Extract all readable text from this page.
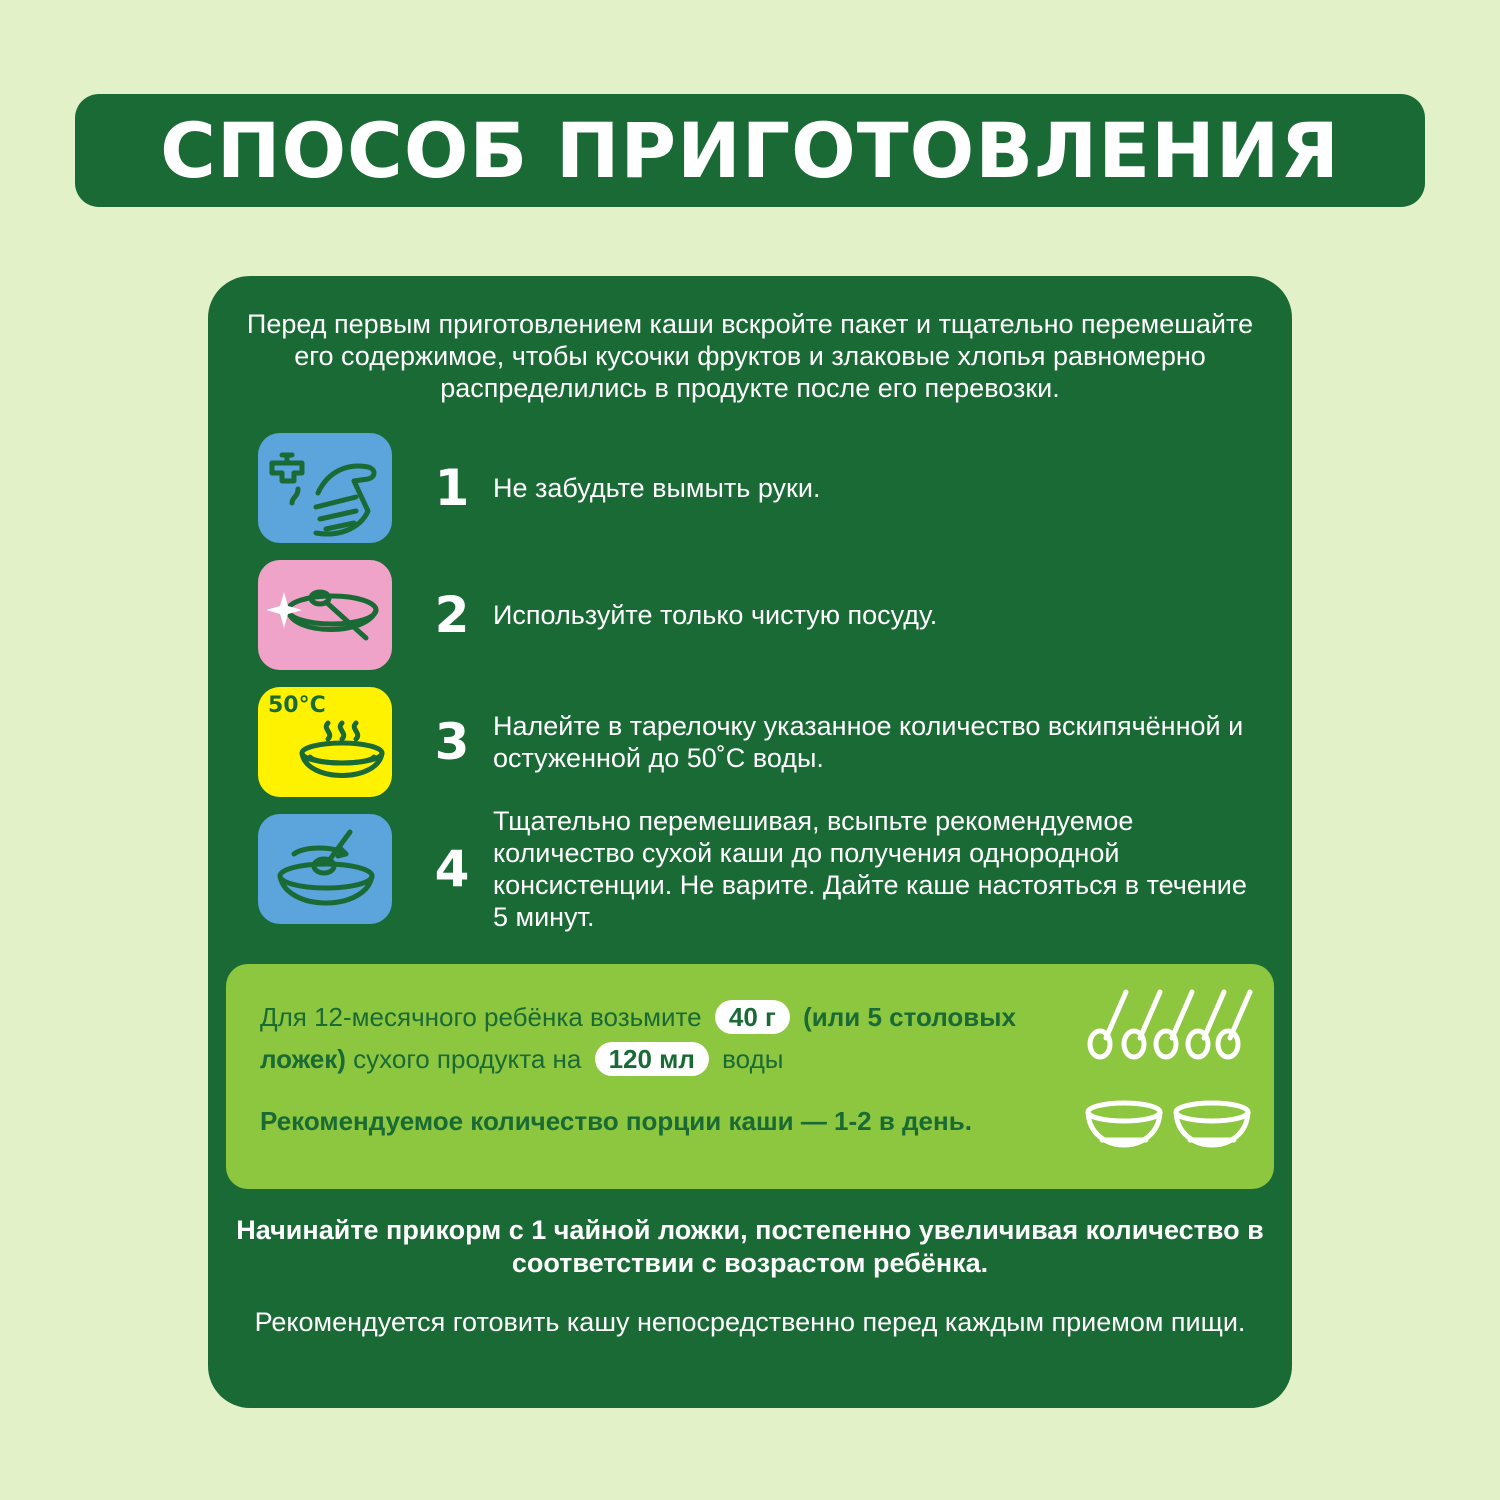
СПОСОБ ПРИГОТОВЛЕНИЯ
Перед первым приготовлением каши вскройте пакет и тщательно перемешайте его содержимое, чтобы кусочки фруктов и злаковые хлопья равномерно распределились в продукте после его перевозки.
1 Не забудьте вымыть руки.
2 Используйте только чистую посуду.
50°C
3 Налейте в тарелочку указанное количество вскипячённой и остуженной до 50˚С воды.
4
Тщательно перемешивая, всыпьте рекомендуемое количество сухой каши до получения однородной консистенции. Не варите. Дайте каше настояться в течение 5 минут.
Для 12-месячного ребёнка возьмите 40 г (или 5 столовых
ложек) сухого продукта на 120 мл воды
Рекомендуемое количество порции каши — 1-2 в день.
Начинайте прикорм с 1 чайной ложки, постепенно увеличивая количество в соответствии с возрастом ребёнка.
Рекомендуется готовить кашу непосредственно перед каждым приемом пищи.
